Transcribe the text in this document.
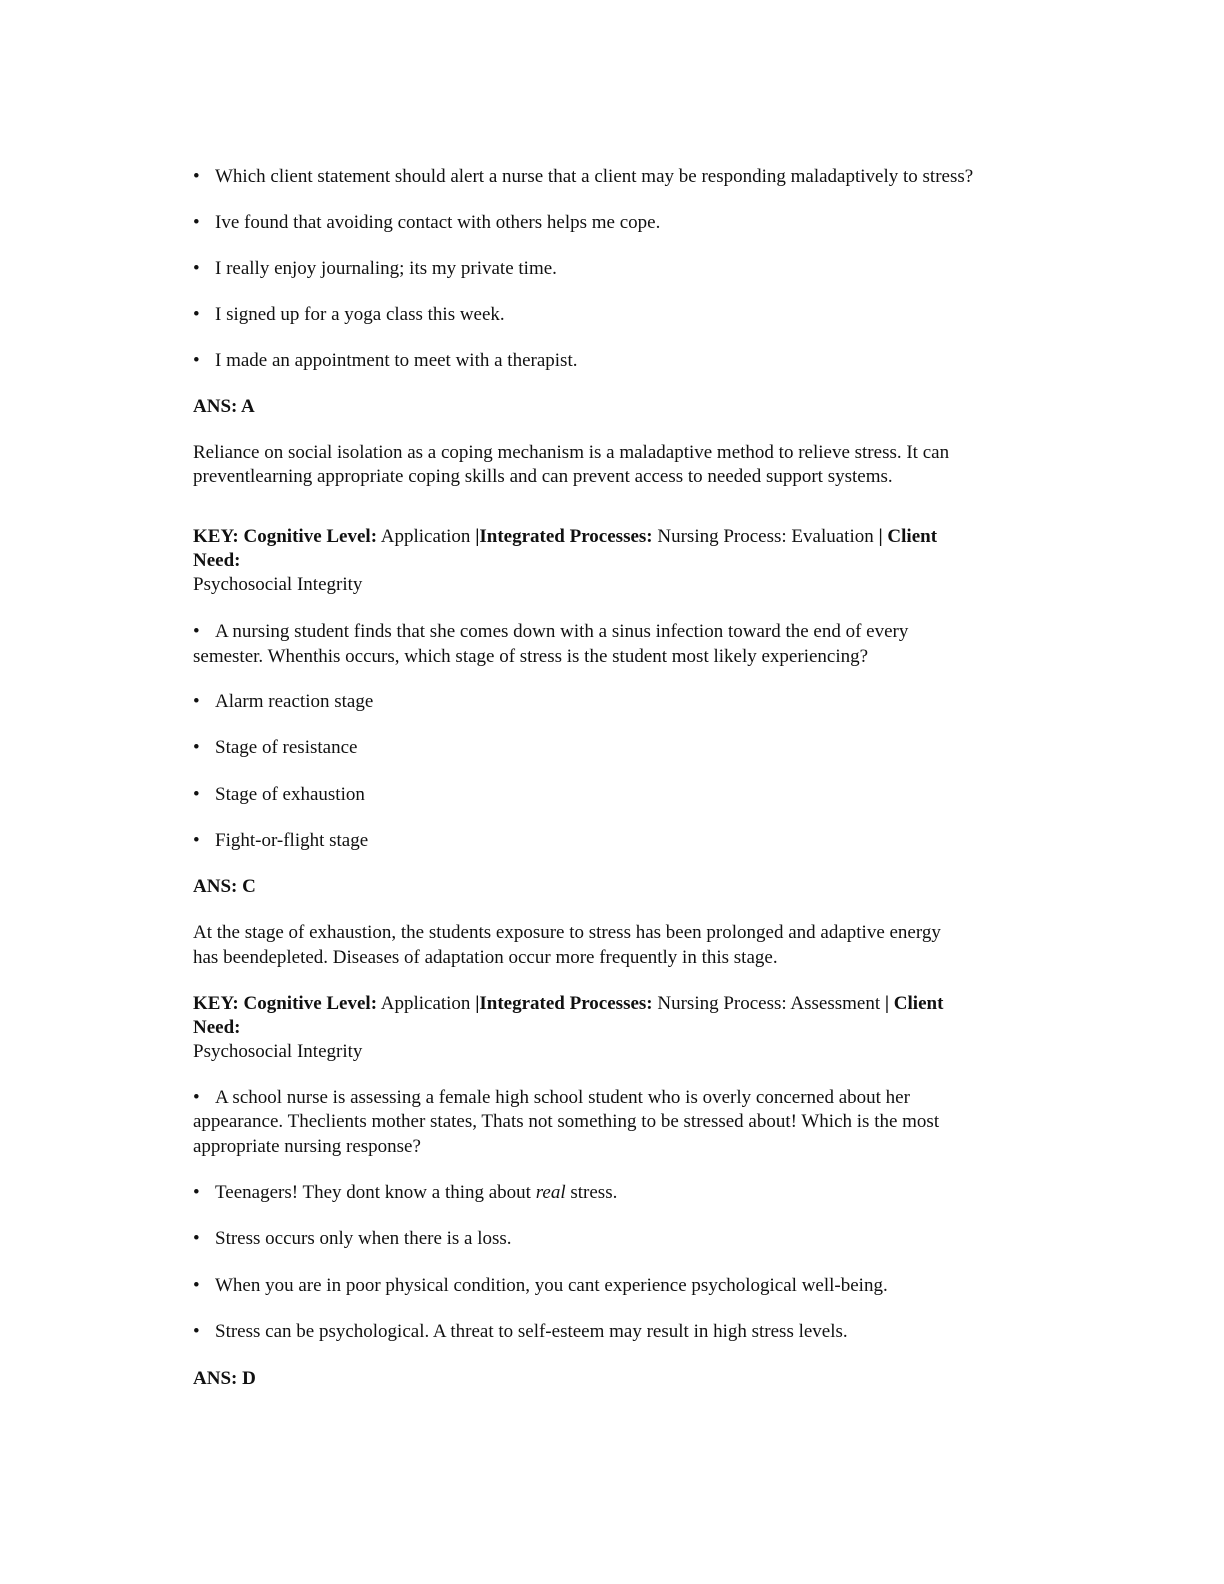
• Which client statement should alert a nurse that a client may be responding maladaptively to stress?
• Ive found that avoiding contact with others helps me cope.
• I really enjoy journaling; its my private time.
• I signed up for a yoga class this week.
• I made an appointment to meet with a therapist.
ANS: A
Reliance on social isolation as a coping mechanism is a maladaptive method to relieve stress. It can
preventlearning appropriate coping skills and can prevent access to needed support systems.
KEY: Cognitive Level: Application |Integrated Processes: Nursing Process: Evaluation | Client
Need:
Psychosocial Integrity
• A nursing student finds that she comes down with a sinus infection toward the end of every
semester. Whenthis occurs, which stage of stress is the student most likely experiencing?
• Alarm reaction stage
• Stage of resistance
• Stage of exhaustion
• Fight-or-flight stage
ANS: C
At the stage of exhaustion, the students exposure to stress has been prolonged and adaptive energy
has beendepleted. Diseases of adaptation occur more frequently in this stage.
KEY: Cognitive Level: Application |Integrated Processes: Nursing Process: Assessment | Client
Need:
Psychosocial Integrity
• A school nurse is assessing a female high school student who is overly concerned about her
appearance. Theclients mother states, Thats not something to be stressed about! Which is the most
appropriate nursing response?
• Teenagers! They dont know a thing about real stress.
• Stress occurs only when there is a loss.
• When you are in poor physical condition, you cant experience psychological well-being.
• Stress can be psychological. A threat to self-esteem may result in high stress levels.
ANS: D
